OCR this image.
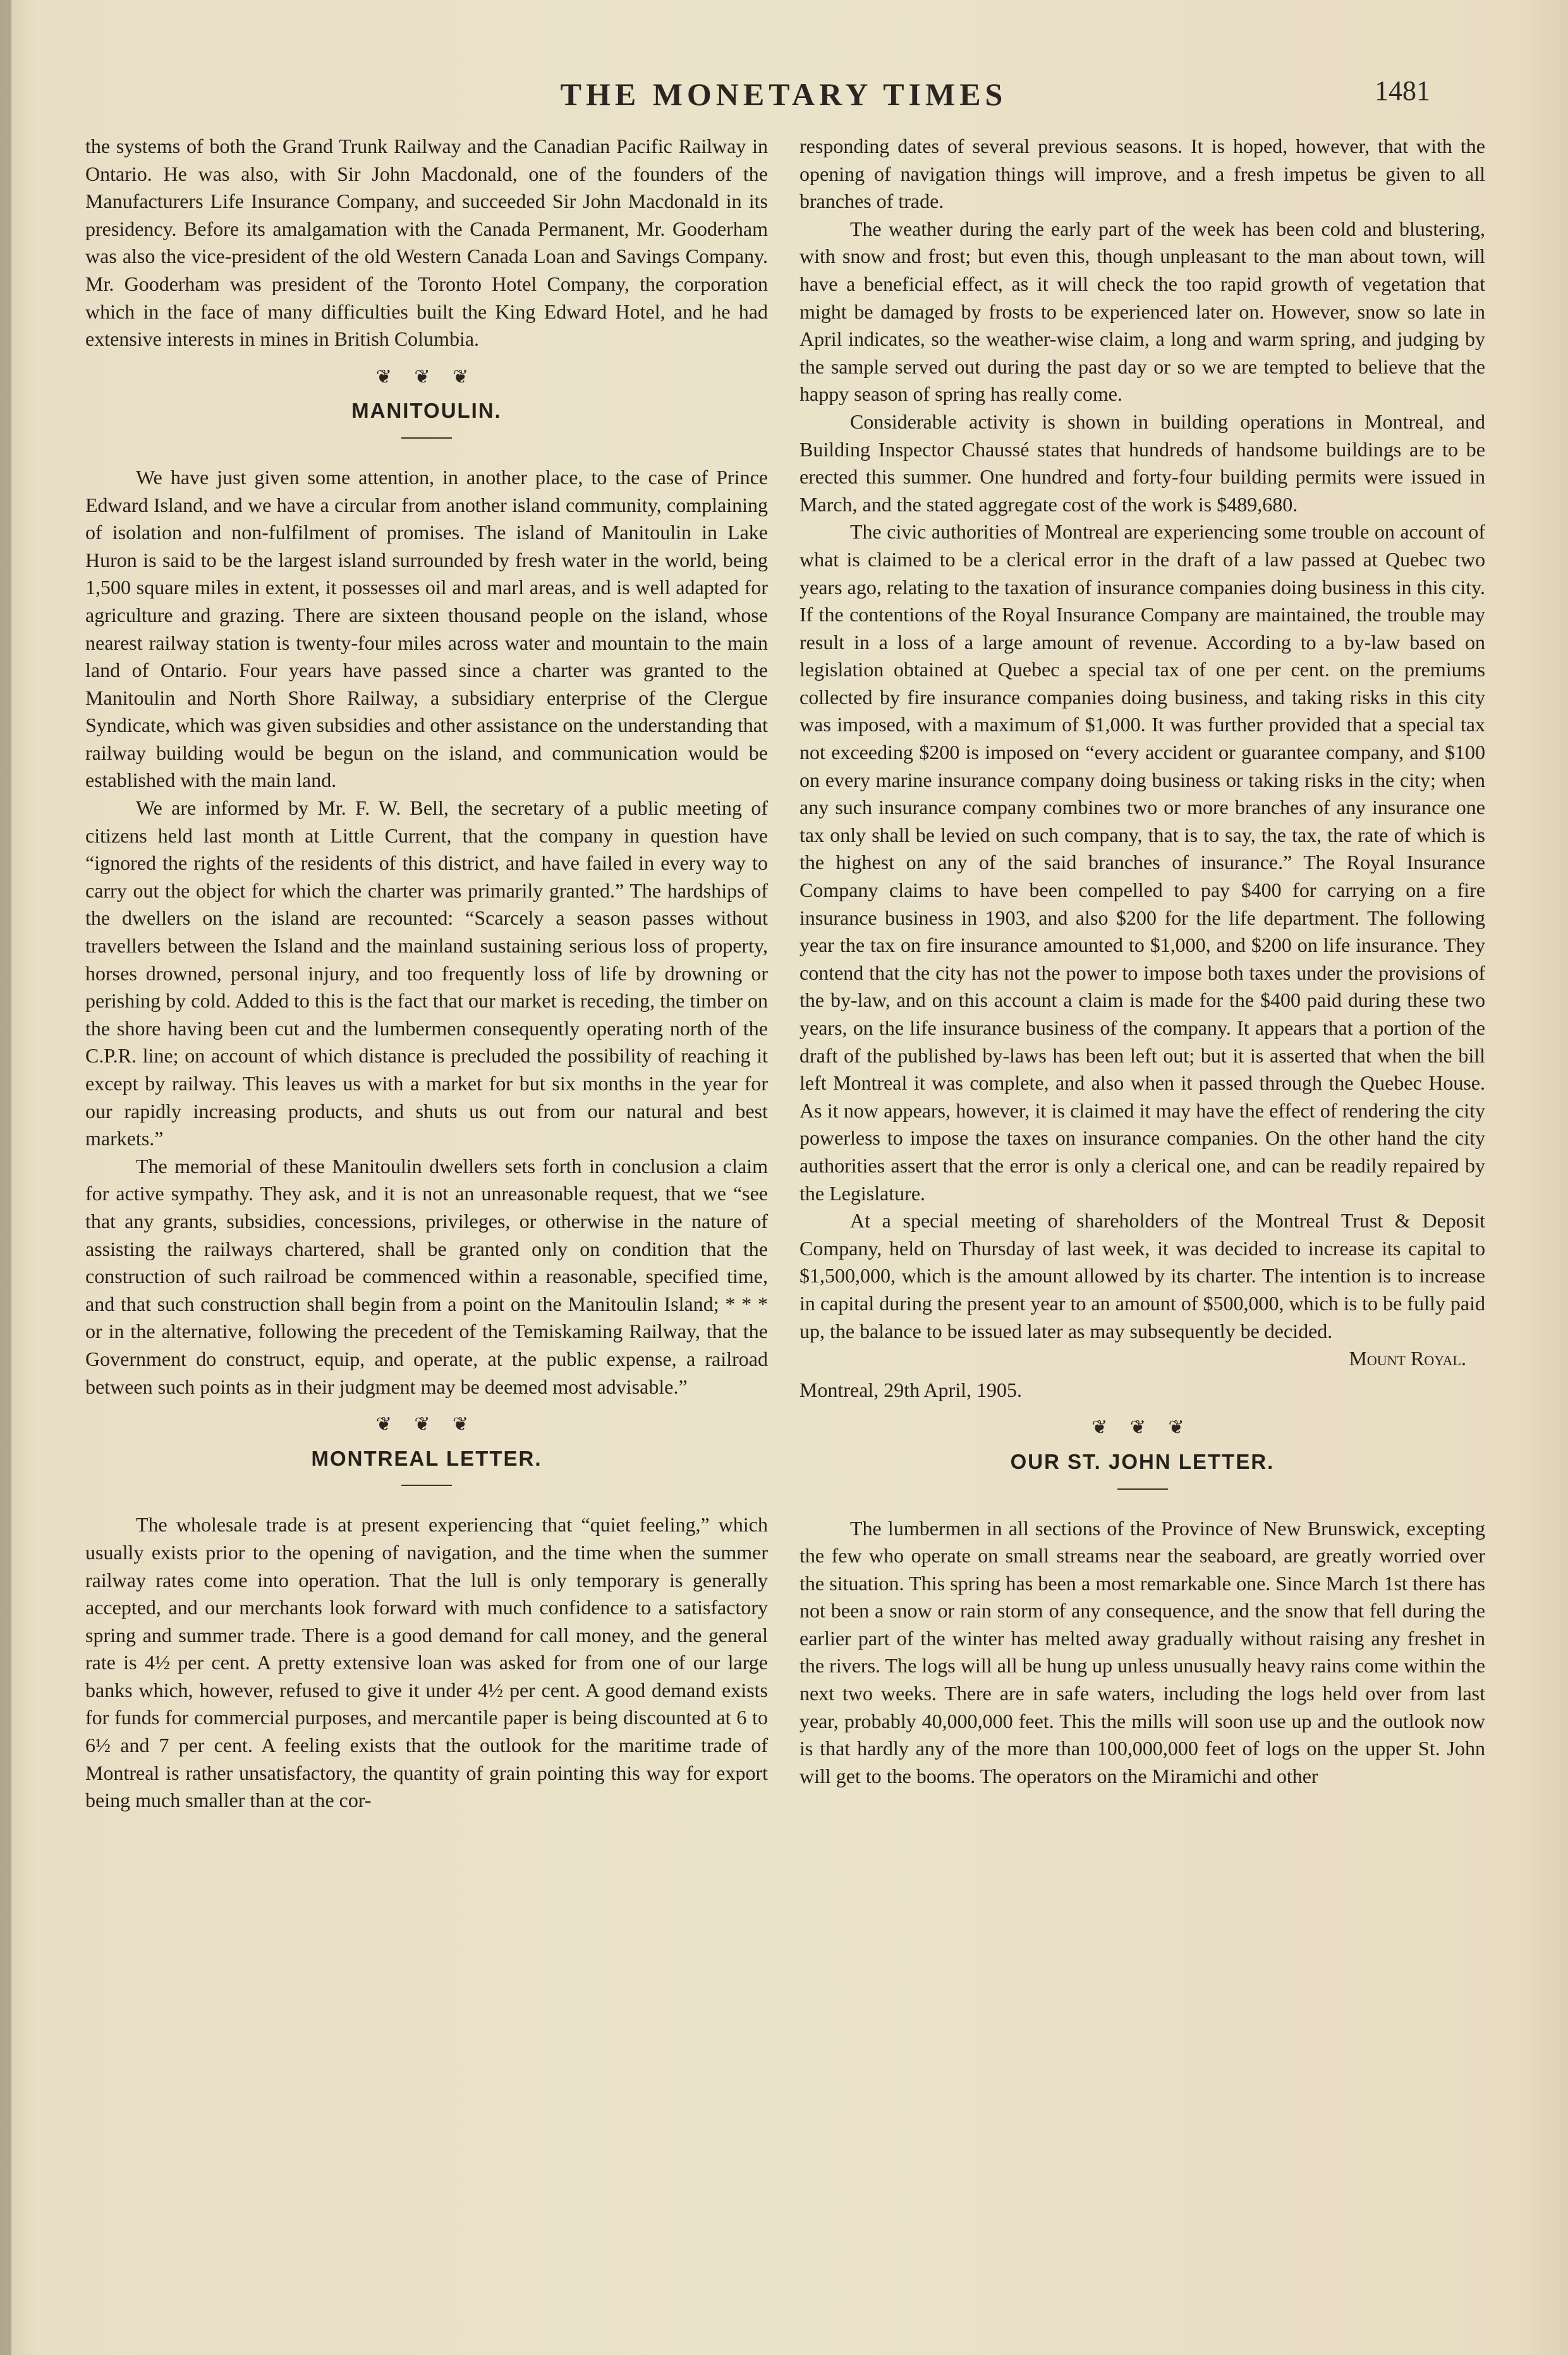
THE MONETARY TIMES	1481

the systems of both the Grand Trunk Railway and the Canadian Pacific Railway in Ontario. He was also, with Sir John Macdonald, one of the founders of the Manufacturers Life Insurance Company, and succeeded Sir John Macdonald in its presidency. Before its amalgamation with the Canada Permanent, Mr. Gooderham was also the vice-president of the old Western Canada Loan and Savings Company. Mr. Gooderham was president of the Toronto Hotel Company, the corporation which in the face of many difficulties built the King Edward Hotel, and he had extensive interests in mines in British Columbia.

❦ ❦ ❦
MANITOULIN.

We have just given some attention, in another place, to the case of Prince Edward Island, and we have a circular from another island community, complaining of isolation and non-fulfilment of promises. The island of Manitoulin in Lake Huron is said to be the largest island surrounded by fresh water in the world, being 1,500 square miles in extent, it possesses oil and marl areas, and is well adapted for agriculture and grazing. There are sixteen thousand people on the island, whose nearest railway station is twenty-four miles across water and mountain to the main land of Ontario. Four years have passed since a charter was granted to the Manitoulin and North Shore Railway, a subsidiary enterprise of the Clergue Syndicate, which was given subsidies and other assistance on the understanding that railway building would be begun on the island, and communication would be established with the main land.

We are informed by Mr. F. W. Bell, the secretary of a public meeting of citizens held last month at Little Current, that the company in question have “ignored the rights of the residents of this district, and have failed in every way to carry out the object for which the charter was primarily granted.” The hardships of the dwellers on the island are recounted: “Scarcely a season passes without travellers between the Island and the mainland sustaining serious loss of property, horses drowned, personal injury, and too frequently loss of life by drowning or perishing by cold. Added to this is the fact that our market is receding, the timber on the shore having been cut and the lumbermen consequently operating north of the C.P.R. line; on account of which distance is precluded the possibility of reaching it except by railway. This leaves us with a market for but six months in the year for our rapidly increasing products, and shuts us out from our natural and best markets.”

The memorial of these Manitoulin dwellers sets forth in conclusion a claim for active sympathy. They ask, and it is not an unreasonable request, that we “see that any grants, subsidies, concessions, privileges, or otherwise in the nature of assisting the railways chartered, shall be granted only on condition that the construction of such railroad be commenced within a reasonable, specified time, and that such construction shall begin from a point on the Manitoulin Island; * * * or in the alternative, following the precedent of the Temiskaming Railway, that the Government do construct, equip, and operate, at the public expense, a railroad between such points as in their judgment may be deemed most advisable.”

❦ ❦ ❦
MONTREAL LETTER.

The wholesale trade is at present experiencing that “quiet feeling,” which usually exists prior to the opening of navigation, and the time when the summer railway rates come into operation. That the lull is only temporary is generally accepted, and our merchants look forward with much confidence to a satisfactory spring and summer trade. There is a good demand for call money, and the general rate is 4½ per cent. A pretty extensive loan was asked for from one of our large banks which, however, refused to give it under 4½ per cent. A good demand exists for funds for commercial purposes, and mercantile paper is being discounted at 6 to 6½ and 7 per cent. A feeling exists that the outlook for the maritime trade of Montreal is rather unsatisfactory, the quantity of grain pointing this way for export being much smaller than at the cor-

responding dates of several previous seasons. It is hoped, however, that with the opening of navigation things will improve, and a fresh impetus be given to all branches of trade.

The weather during the early part of the week has been cold and blustering, with snow and frost; but even this, though unpleasant to the man about town, will have a beneficial effect, as it will check the too rapid growth of vegetation that might be damaged by frosts to be experienced later on. However, snow so late in April indicates, so the weather-wise claim, a long and warm spring, and judging by the sample served out during the past day or so we are tempted to believe that the happy season of spring has really come.

Considerable activity is shown in building operations in Montreal, and Building Inspector Chaussé states that hundreds of handsome buildings are to be erected this summer. One hundred and forty-four building permits were issued in March, and the stated aggregate cost of the work is $489,680.

The civic authorities of Montreal are experiencing some trouble on account of what is claimed to be a clerical error in the draft of a law passed at Quebec two years ago, relating to the taxation of insurance companies doing business in this city. If the contentions of the Royal Insurance Company are maintained, the trouble may result in a loss of a large amount of revenue. According to a by-law based on legislation obtained at Quebec a special tax of one per cent. on the premiums collected by fire insurance companies doing business, and taking risks in this city was imposed, with a maximum of $1,000. It was further provided that a special tax not exceeding $200 is imposed on “every accident or guarantee company, and $100 on every marine insurance company doing business or taking risks in the city; when any such insurance company combines two or more branches of any insurance one tax only shall be levied on such company, that is to say, the tax, the rate of which is the highest on any of the said branches of insurance.” The Royal Insurance Company claims to have been compelled to pay $400 for carrying on a fire insurance business in 1903, and also $200 for the life department. The following year the tax on fire insurance amounted to $1,000, and $200 on life insurance. They contend that the city has not the power to impose both taxes under the provisions of the by-law, and on this account a claim is made for the $400 paid during these two years, on the life insurance business of the company. It appears that a portion of the draft of the published by-laws has been left out; but it is asserted that when the bill left Montreal it was complete, and also when it passed through the Quebec House. As it now appears, however, it is claimed it may have the effect of rendering the city powerless to impose the taxes on insurance companies. On the other hand the city authorities assert that the error is only a clerical one, and can be readily repaired by the Legislature.

At a special meeting of shareholders of the Montreal Trust & Deposit Company, held on Thursday of last week, it was decided to increase its capital to $1,500,000, which is the amount allowed by its charter. The intention is to increase in capital during the present year to an amount of $500,000, which is to be fully paid up, the balance to be issued later as may subsequently be decided.

Mount Royal.

Montreal, 29th April, 1905.

❦ ❦ ❦
OUR ST. JOHN LETTER.

The lumbermen in all sections of the Province of New Brunswick, excepting the few who operate on small streams near the seaboard, are greatly worried over the situation. This spring has been a most remarkable one. Since March 1st there has not been a snow or rain storm of any consequence, and the snow that fell during the earlier part of the winter has melted away gradually without raising any freshet in the rivers. The logs will all be hung up unless unusually heavy rains come within the next two weeks. There are in safe waters, including the logs held over from last year, probably 40,000,000 feet. This the mills will soon use up and the outlook now is that hardly any of the more than 100,000,000 feet of logs on the upper St. John will get to the booms. The operators on the Miramichi and other
